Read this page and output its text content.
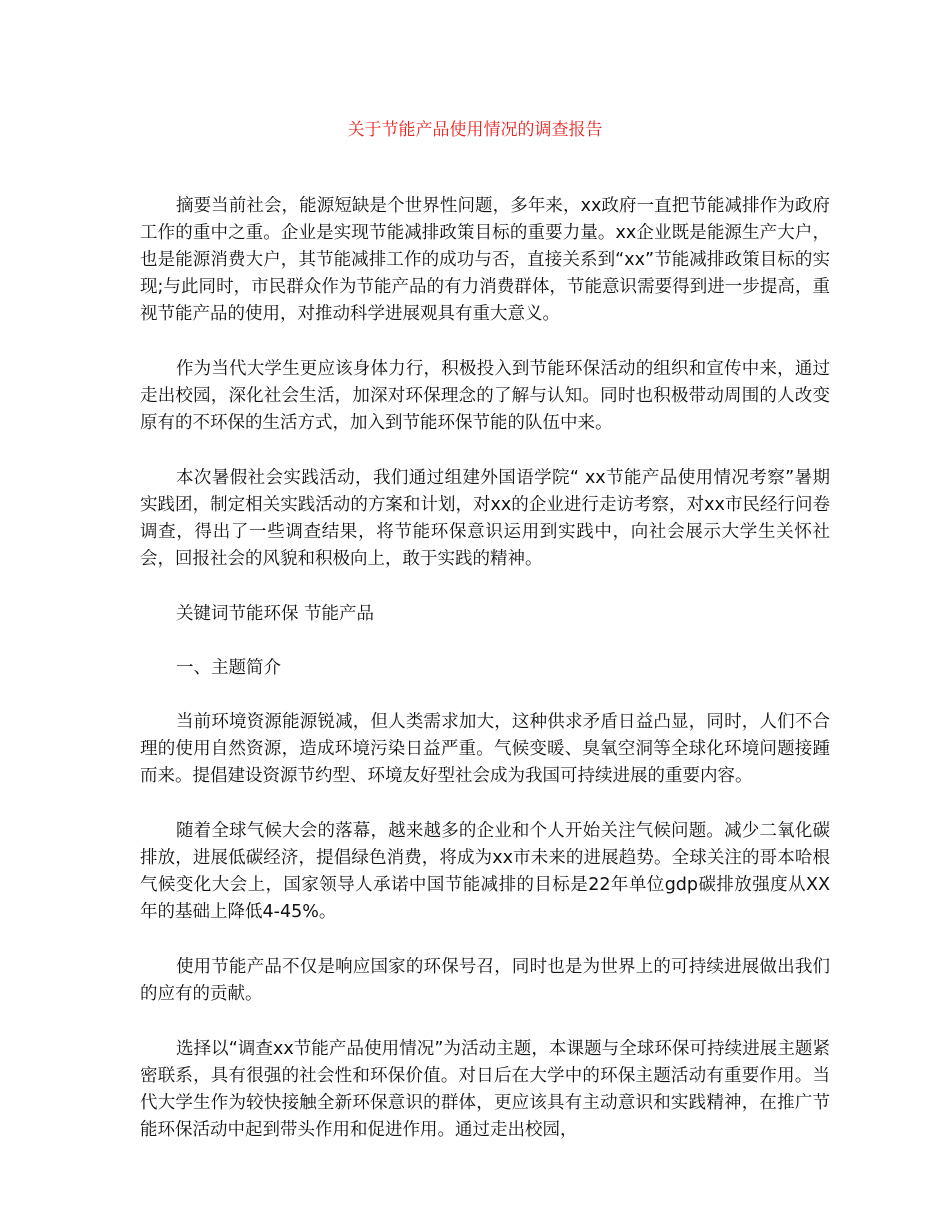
关于节能产品使用情况的调查报告

摘要当前社会，能源短缺是个世界性问题，多年来，xx政府一直把节能减排作为政府工作的重中之重。企业是实现节能减排政策目标的重要力量。xx企业既是能源生产大户，也是能源消费大户，其节能减排工作的成功与否，直接关系到“xx”节能减排政策目标的实现;与此同时，市民群众作为节能产品的有力消费群体，节能意识需要得到进一步提高，重视节能产品的使用，对推动科学进展观具有重大意义。

作为当代大学生更应该身体力行，积极投入到节能环保活动的组织和宣传中来，通过走出校园，深化社会生活，加深对环保理念的了解与认知。同时也积极带动周围的人改变原有的不环保的生活方式，加入到节能环保节能的队伍中来。

本次暑假社会实践活动，我们通过组建外国语学院“ xx节能产品使用情况考察”暑期实践团，制定相关实践活动的方案和计划，对xx的企业进行走访考察，对xx市民经行问卷调查，得出了一些调查结果，将节能环保意识运用到实践中，向社会展示大学生关怀社会，回报社会的风貌和积极向上，敢于实践的精神。

关键词节能环保 节能产品

一、主题简介

当前环境资源能源锐减，但人类需求加大，这种供求矛盾日益凸显，同时，人们不合理的使用自然资源，造成环境污染日益严重。气候变暖、臭氧空洞等全球化环境问题接踵而来。提倡建设资源节约型、环境友好型社会成为我国可持续进展的重要内容。

随着全球气候大会的落幕，越来越多的企业和个人开始关注气候问题。减少二氧化碳排放，进展低碳经济，提倡绿色消费，将成为xx市未来的进展趋势。全球关注的哥本哈根气候变化大会上，国家领导人承诺中国节能减排的目标是22年单位gdp碳排放强度从XX年的基础上降低4-45%。

使用节能产品不仅是响应国家的环保号召，同时也是为世界上的可持续进展做出我们的应有的贡献。

选择以“调查xx节能产品使用情况”为活动主题，本课题与全球环保可持续进展主题紧密联系，具有很强的社会性和环保价值。对日后在大学中的环保主题活动有重要作用。当代大学生作为较快接触全新环保意识的群体，更应该具有主动意识和实践精神，在推广节能环保活动中起到带头作用和促进作用。通过走出校园，
